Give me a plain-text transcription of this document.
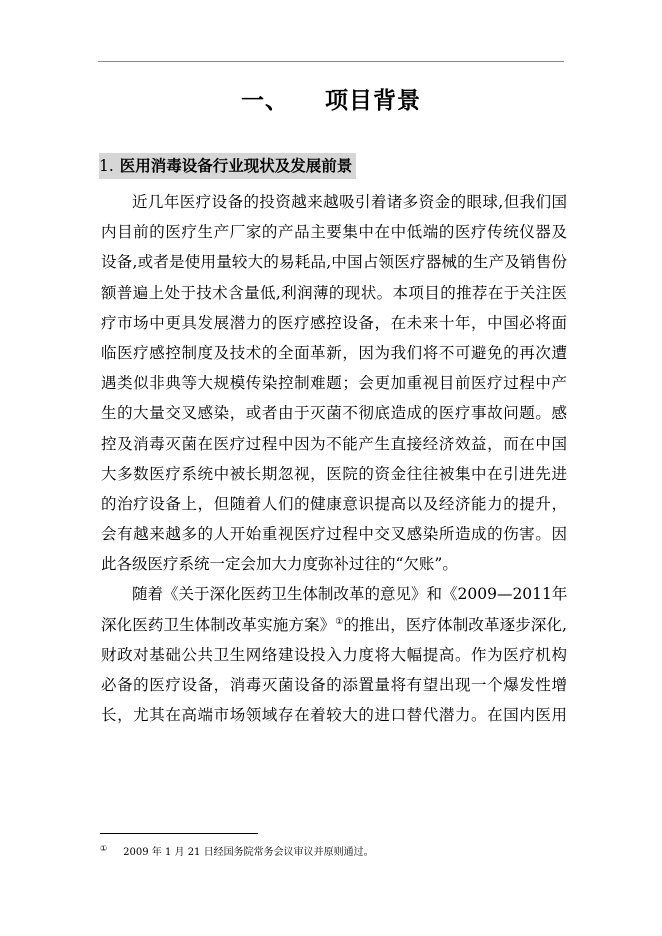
一、 项目背景
1. 医用消毒设备行业现状及发展前景
近几年医疗设备的投资越来越吸引着诸多资金的眼球,但我们国
内目前的医疗生产厂家的产品主要集中在中低端的医疗传统仪器及
设备,或者是使用量较大的易耗品,中国占领医疗器械的生产及销售份
额普遍上处于技术含量低,利润薄的现状。本项目的推荐在于关注医
疗市场中更具发展潜力的医疗感控设备，在未来十年，中国必将面
临医疗感控制度及技术的全面革新，因为我们将不可避免的再次遭
遇类似非典等大规模传染控制难题；会更加重视目前医疗过程中产
生的大量交叉感染，或者由于灭菌不彻底造成的医疗事故问题。感
控及消毒灭菌在医疗过程中因为不能产生直接经济效益，而在中国
大多数医疗系统中被长期忽视，医院的资金往往被集中在引进先进
的治疗设备上，但随着人们的健康意识提高以及经济能力的提升，
会有越来越多的人开始重视医疗过程中交叉感染所造成的伤害。因
此各级医疗系统一定会加大力度弥补过往的“欠账”。
随着《关于深化医药卫生体制改革的意见》和《2009—2011年
深化医药卫生体制改革实施方案》①的推出，医疗体制改革逐步深化,
财政对基础公共卫生网络建设投入力度将大幅提高。作为医疗机构
必备的医疗设备，消毒灭菌设备的添置量将有望出现一个爆发性增
长，尤其在高端市场领域存在着较大的进口替代潜力。在国内医用
① 2009 年 1 月 21 日经国务院常务会议审议并原则通过。
